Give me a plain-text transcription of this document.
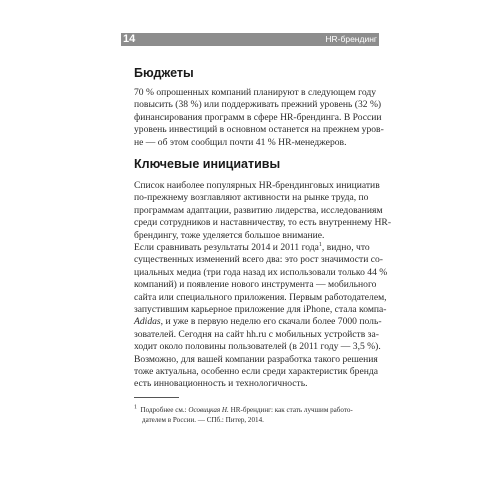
14	HR-брендинг
Бюджеты
70 % опрошенных компаний планируют в следующем году
повысить (38 %) или поддерживать прежний уровень (32 %)
финансирования программ в сфере HR-брендинга. В России
уровень инвестиций в основном останется на прежнем уров-
не — об этом сообщил почти 41 % HR-менеджеров.
Ключевые инициативы
Список наиболее популярных HR-брендинговых инициатив
по-прежнему возглавляют активности на рынке труда, по
программам адаптации, развитию лидерства, исследованиям
среди сотрудников и наставничеству, то есть внутреннему HR-
брендингу, тоже уделяется большое внимание.
Если сравнивать результаты 2014 и 2011 года$^1$, видно, что
существенных изменений всего два: это рост значимости со-
циальных медиа (три года назад их использовали только 44 %
компаний) и появление нового инструмента — мобильного
сайта или специального приложения. Первым работодателем,
запустившим карьерное приложение для iPhone, стала компа-
Adidas, и уже в первую неделю его скачали более 7000 поль-
зователей. Сегодня на сайт hh.ru с мобильных устройств за-
ходит около половины пользователей (в 2011 году — 3,5 %).
Возможно, для вашей компании разработка такого решения
тоже актуальна, особенно если среди характеристик бренда
есть инновационность и технологичность.
$^1$ Подробнее см.: Осовицкая Н. HR-брендинг: как стать лучшим работо-
дателем в России. — СПб.: Питер, 2014.
